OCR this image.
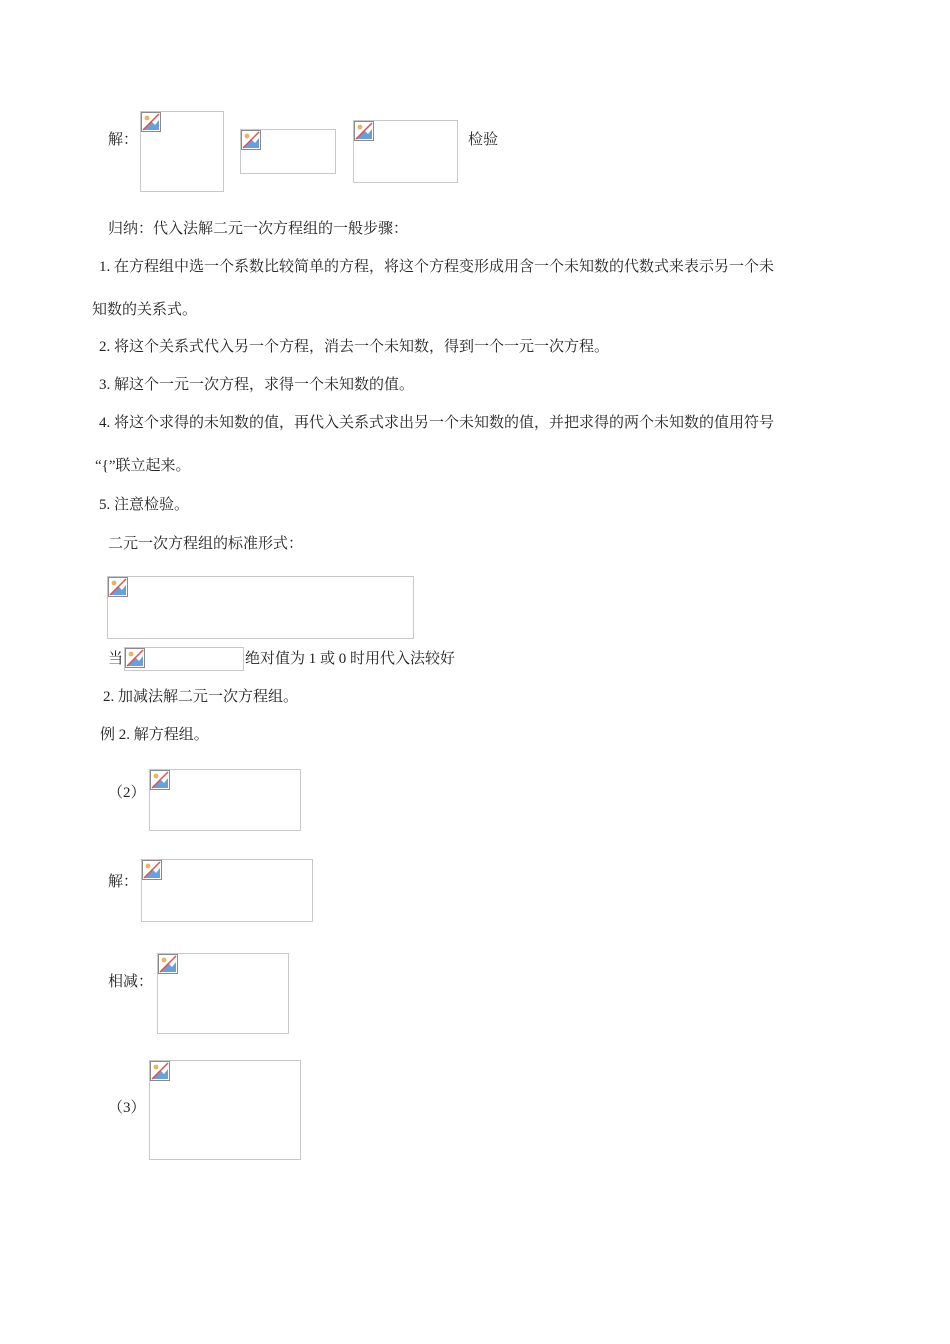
解：	检验
归纳：代入法解二元一次方程组的一般步骤：
1. 在方程组中选一个系数比较简单的方程，将这个方程变形成用含一个未知数的代数式来表示另一个未
知数的关系式。
2. 将这个关系式代入另一个方程，消去一个未知数，得到一个一元一次方程。
3. 解这个一元一次方程，求得一个未知数的值。
4. 将这个求得的未知数的值，再代入关系式求出另一个未知数的值，并把求得的两个未知数的值用符号
“{”联立起来。
5. 注意检验。
二元一次方程组的标准形式：
当	绝对值为 1 或 0 时用代入法较好
2. 加减法解二元一次方程组。
例 2. 解方程组。
（2）
解：
相减：
（3）
